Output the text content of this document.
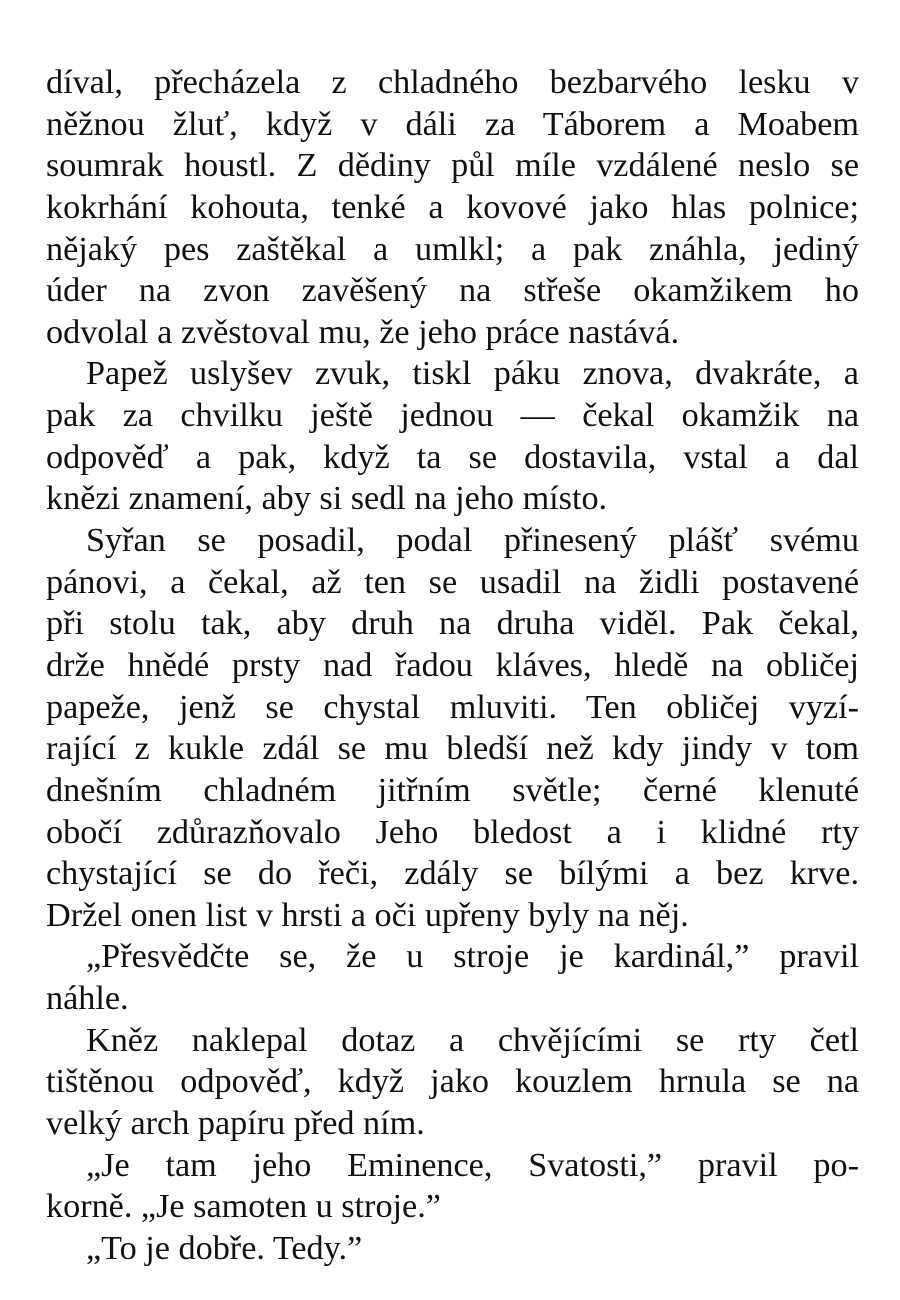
díval, přecházela z chladného bezbarvého lesku v
něžnou žluť, když v dáli za Táborem a Moabem
soumrak houstl. Z dědiny půl míle vzdálené neslo se
kokrhání kohouta, tenké a kovové jako hlas polnice;
nějaký pes zaštěkal a umlkl; a pak znáhla, jediný
úder na zvon zavěšený na střeše okamžikem ho
odvolal a zvěstoval mu, že jeho práce nastává.
Papež uslyšev zvuk, tiskl páku znova, dvakráte, a
pak za chvilku ještě jednou — čekal okamžik na
odpověď a pak, když ta se dostavila, vstal a dal
knězi znamení, aby si sedl na jeho místo.
Syřan se posadil, podal přinesený plášť svému
pánovi, a čekal, až ten se usadil na židli postavené
při stolu tak, aby druh na druha viděl. Pak čekal,
drže hnědé prsty nad řadou kláves, hledě na obličej
papeže, jenž se chystal mluviti. Ten obličej vyzí-
rající z kukle zdál se mu bledší než kdy jindy v tom
dnešním chladném jitřním světle; černé klenuté
obočí zdůrazňovalo Jeho bledost a i klidné rty
chystající se do řeči, zdály se bílými a bez krve.
Držel onen list v hrsti a oči upřeny byly na něj.
„Přesvědčte se, že u stroje je kardinál,” pravil
náhle.
Kněz naklepal dotaz a chvějícími se rty četl
tištěnou odpověď, když jako kouzlem hrnula se na
velký arch papíru před ním.
„Je tam jeho Eminence, Svatosti,” pravil po-
korně. „Je samoten u stroje.”
„To je dobře. Tedy.”
